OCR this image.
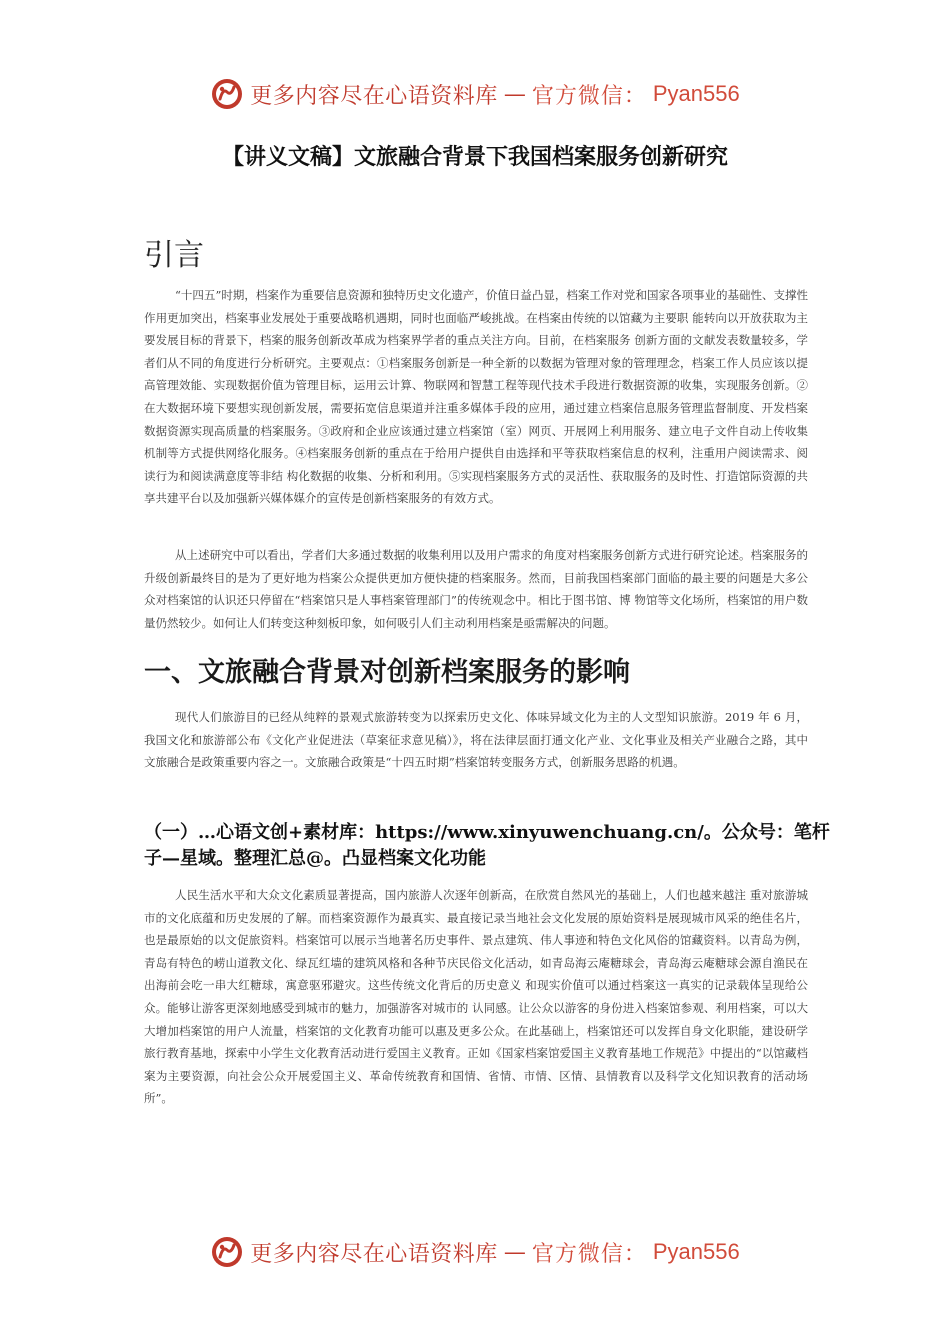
更多内容尽在心语资料库 — 官方微信： Pyan556
【讲义文稿】文旅融合背景下我国档案服务创新研究
引言

“十四五”时期，档案作为重要信息资源和独特历史文化遗产，价值日益凸显，档案工作对党和国家各项事业的基础性、支撑性作用更加突出，档案事业发展处于重要战略机遇期，同时也面临严峻挑战。在档案由传统的以馆藏为主要职 能转向以开放获取为主要发展目标的背景下，档案的服务创新改革成为档案界学者的重点关注方向。目前，在档案服务 创新方面的文献发表数量较多，学者们从不同的角度进行分析研究。主要观点：①档案服务创新是一种全新的以数据为管理对象的管理理念，档案工作人员应该以提高管理效能、实现数据价值为管理目标，运用云计算、物联网和智慧工程等现代技术手段进行数据资源的收集，实现服务创新。②在大数据环境下要想实现创新发展，需要拓宽信息渠道并注重多媒体手段的应用，通过建立档案信息服务管理监督制度、开发档案数据资源实现高质量的档案服务。③政府和企业应该通过建立档案馆（室）网页、开展网上利用服务、建立电子文件自动上传收集机制等方式提供网络化服务。④档案服务创新的重点在于给用户提供自由选择和平等获取档案信息的权利，注重用户阅读需求、阅读行为和阅读满意度等非结 构化数据的收集、分析和利用。⑤实现档案服务方式的灵活性、获取服务的及时性、打造馆际资源的共享共建平台以及加强新兴媒体媒介的宣传是创新档案服务的有效方式。

从上述研究中可以看出，学者们大多通过数据的收集利用以及用户需求的角度对档案服务创新方式进行研究论述。档案服务的升级创新最终目的是为了更好地为档案公众提供更加方便快捷的档案服务。然而，目前我国档案部门面临的最主要的问题是大多公众对档案馆的认识还只停留在“档案馆只是人事档案管理部门”的传统观念中。相比于图书馆、博 物馆等文化场所，档案馆的用户数量仍然较少。如何让人们转变这种刻板印象，如何吸引人们主动利用档案是亟需解决的问题。

一、文旅融合背景对创新档案服务的影响

现代人们旅游目的已经从纯粹的景观式旅游转变为以探索历史文化、体味异域文化为主的人文型知识旅游。2019 年 6 月，我国文化和旅游部公布《文化产业促进法（草案征求意见稿）》，将在法律层面打通文化产业、文化事业及相关产业融合之路，其中文旅融合是政策重要内容之一。文旅融合政策是“十四五时期”档案馆转变服务方式，创新服务思路的机遇。

（一）…心语文创+素材库：https://www.xinyuwenchuang.cn/。公众号：笔杆子—星域。整理汇总@。凸显档案文化功能

人民生活水平和大众文化素质显著提高，国内旅游人次逐年创新高，在欣赏自然风光的基础上，人们也越来越注 重对旅游城市的文化底蕴和历史发展的了解。而档案资源作为最真实、最直接记录当地社会文化发展的原始资料是展现城市风采的绝佳名片，也是最原始的以文促旅资料。档案馆可以展示当地著名历史事件、景点建筑、伟人事迹和特色文化风俗的馆藏资料。以青岛为例，青岛有特色的崂山道教文化、绿瓦红墙的建筑风格和各种节庆民俗文化活动，如青岛海云庵糖球会，青岛海云庵糖球会源自渔民在出海前会吃一串大红糖球，寓意驱邪避灾。这些传统文化背后的历史意义 和现实价值可以通过档案这一真实的记录载体呈现给公众。能够让游客更深刻地感受到城市的魅力，加强游客对城市的 认同感。让公众以游客的身份进入档案馆参观、利用档案，可以大大增加档案馆的用户人流量，档案馆的文化教育功能可以惠及更多公众。在此基础上，档案馆还可以发挥自身文化职能，建设研学旅行教育基地，探索中小学生文化教育活动进行爱国主义教育。正如《国家档案馆爱国主义教育基地工作规范》中提出的“以馆藏档案为主要资源，向社会公众开展爱国主义、革命传统教育和国情、省情、市情、区情、县情教育以及科学文化知识教育的活动场所”。

更多内容尽在心语资料库 — 官方微信： Pyan556
